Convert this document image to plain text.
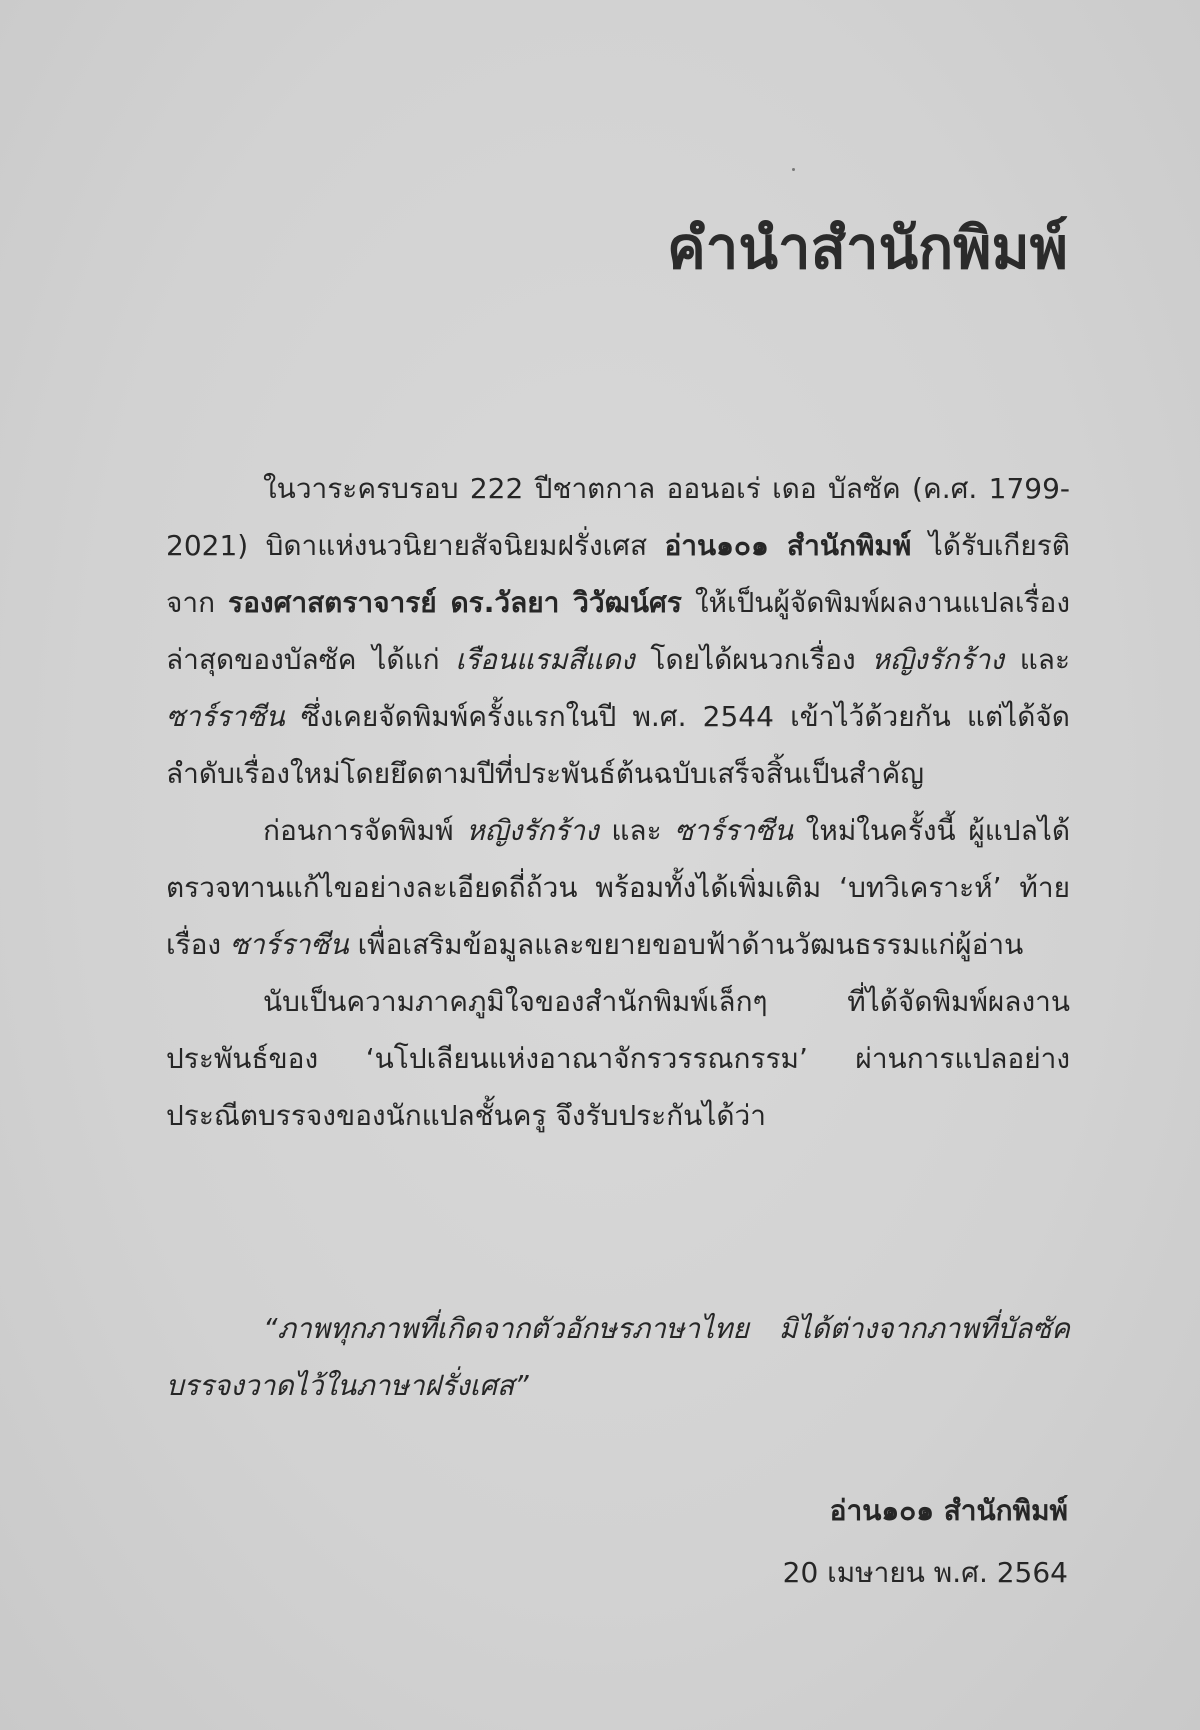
คำนำสำนักพิมพ์

ในวาระครบรอบ 222 ปีชาตกาล ออนอเร่ เดอ บัลซัค (ค.ศ. 1799-2021) บิดาแห่งนวนิยายสัจนิยมฝรั่งเศส อ่าน๑๐๑ สำนักพิมพ์ ได้รับเกียรติจาก รองศาสตราจารย์ ดร.วัลยา วิวัฒน์ศร ให้เป็นผู้จัดพิมพ์ผลงานแปลเรื่องล่าสุดของบัลซัค ได้แก่ เรือนแรมสีแดง โดยได้ผนวกเรื่อง หญิงรักร้าง และ ซาร์ราซีน ซึ่งเคยจัดพิมพ์ครั้งแรกในปี พ.ศ. 2544 เข้าไว้ด้วยกัน แต่ได้จัดลำดับเรื่องใหม่โดยยึดตามปีที่ประพันธ์ต้นฉบับเสร็จสิ้นเป็นสำคัญ

ก่อนการจัดพิมพ์ หญิงรักร้าง และ ซาร์ราซีน ใหม่ในครั้งนี้ ผู้แปลได้ตรวจทานแก้ไขอย่างละเอียดถี่ถ้วน พร้อมทั้งได้เพิ่มเติม ‘บทวิเคราะห์’ ท้ายเรื่อง ซาร์ราซีน เพื่อเสริมข้อมูลและขยายขอบฟ้าด้านวัฒนธรรมแก่ผู้อ่าน

นับเป็นความภาคภูมิใจของสำนักพิมพ์เล็กๆ ที่ได้จัดพิมพ์ผลงานประพันธ์ของ ‘นโปเลียนแห่งอาณาจักรวรรณกรรม’ ผ่านการแปลอย่างประณีตบรรจงของนักแปลชั้นครู จึงรับประกันได้ว่า

“ภาพทุกภาพที่เกิดจากตัวอักษรภาษาไทย มิได้ต่างจากภาพที่บัลซัคบรรจงวาดไว้ในภาษาฝรั่งเศส”

อ่าน๑๐๑ สำนักพิมพ์
20 เมษายน พ.ศ. 2564
